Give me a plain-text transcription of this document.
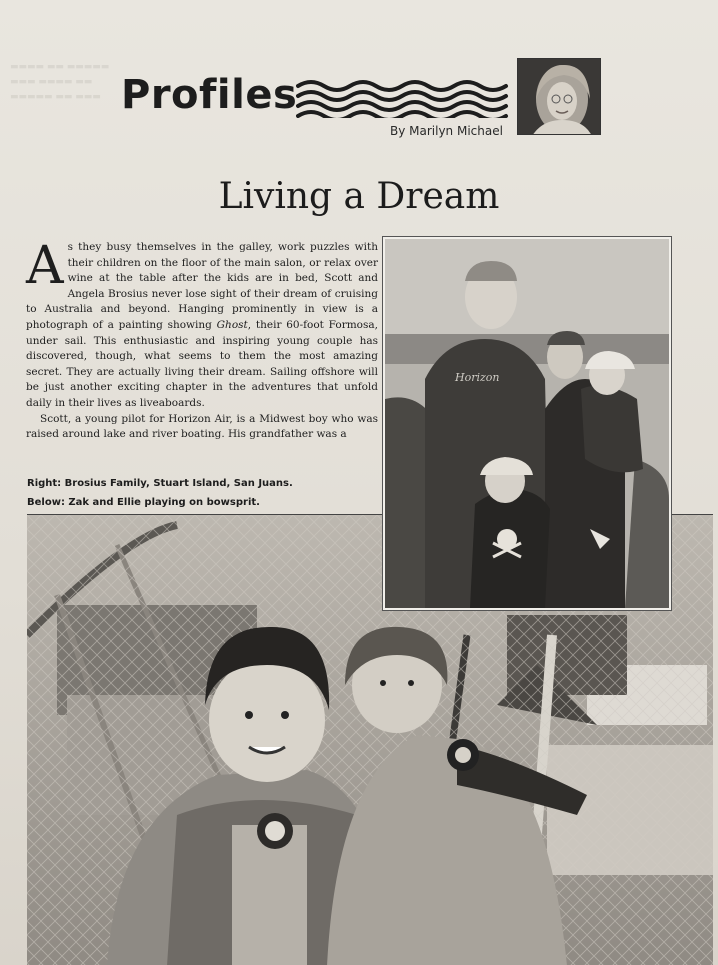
▬▬▬▬ ▬▬ ▬▬▬▬▬
▬▬▬ ▬▬▬▬ ▬▬
▬▬▬▬▬ ▬▬ ▬▬▬ Profiles
By Marilyn Michael
Living a Dream

As they busy themselves in the galley, work puzzles with their children on the floor of the main salon, or relax over wine at the table after the kids are in bed, Scott and Angela Brosius never lose sight of their dream of cruising to Australia and beyond. Hanging prominently in view is a photograph of a painting showing Ghost, their 60-foot Formosa, under sail. This enthusiastic and inspiring young couple has discovered, though, what seems to them the most amazing secret. They are actually living their dream. Sailing offshore will be just another exciting chapter in the adventures that unfold daily in their lives as liveaboards.

Scott, a young pilot for Horizon Air, is a Midwest boy who was raised around lake and river boating. His grandfather was a

Right: Brosius Family, Stuart Island, San Juans.
Below: Zak and Ellie playing on bowsprit.
Horizon
